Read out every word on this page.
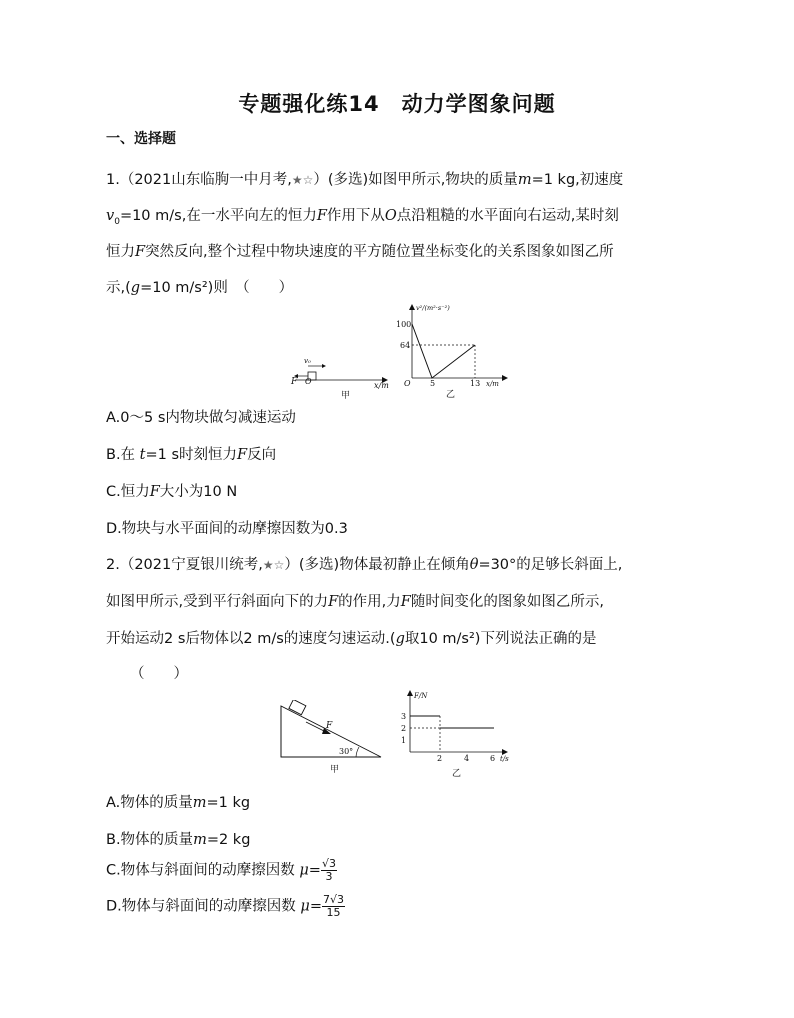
专题强化练14　动力学图象问题
一、选择题
1.（2021山东临朐一中月考,★☆）(多选)如图甲所示,物块的质量m=1 kg,初速度
$v_0=10$ m/s,在一水平向左的恒力F作用下从O点沿粗糙的水平面向右运动,某时刻
恒力F突然反向,整个过程中物块速度的平方随位置坐标变化的关系图象如图乙所
示,(g=10 m/s²)则　（　　）
F O
v₀
x/m
甲
v²/(m²·s⁻²)
100
64
O 5	13 x/m
乙
A.0～5 s内物块做匀减速运动
B.在 t=1 s时刻恒力F反向
C.恒力F大小为10 N
D.物块与水平面间的动摩擦因数为0.3
2.（2021宁夏银川统考,★☆）(多选)物体最初静止在倾角θ=30°的足够长斜面上,
如图甲所示,受到平行斜面向下的力F的作用,力F随时间变化的图象如图乙所示,
开始运动2 s后物体以2 m/s的速度匀速运动.(g取10 m/s²)下列说法正确的是
（　　）
F
30°
甲
F/N
3
2
1
2	4	6 t/s
乙
A.物体的质量m=1 kg
B.物体的质量m=2 kg
C.物体与斜面间的动摩擦因数 $\mu= \frac{√3}{3}$
D.物体与斜面间的动摩擦因数 $\mu= \frac{7√3}{15}$
